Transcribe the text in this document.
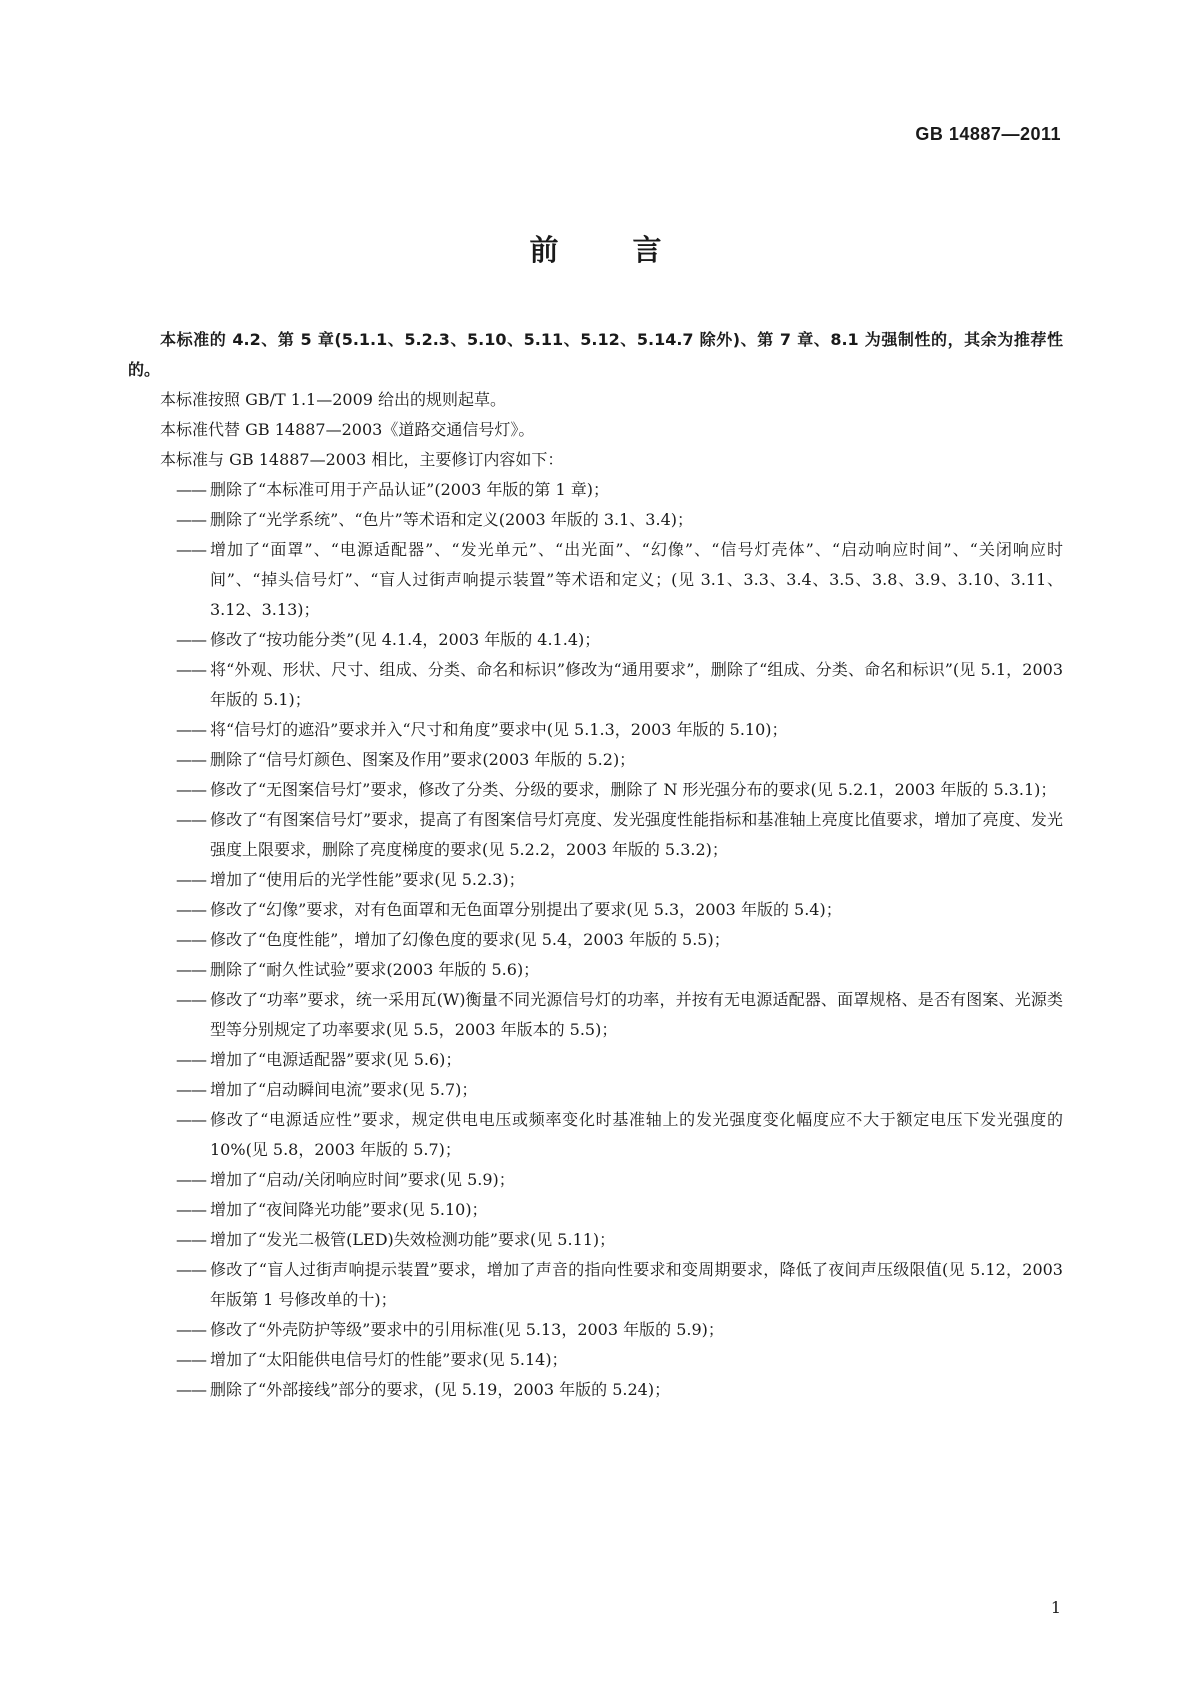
GB 14887—2011
前 言

本标准的 4.2、第 5 章(5.1.1、5.2.3、5.10、5.11、5.12、5.14.7 除外)、第 7 章、8.1 为强制性的，其余为推荐性的。

本标准按照 GB/T 1.1—2009 给出的规则起草。

本标准代替 GB 14887—2003《道路交通信号灯》。

本标准与 GB 14887—2003 相比，主要修订内容如下：

—— 删除了“本标准可用于产品认证”(2003 年版的第 1 章)；
—— 删除了“光学系统”、“色片”等术语和定义(2003 年版的 3.1、3.4)；
—— 增加了“面罩”、“电源适配器”、“发光单元”、“出光面”、“幻像”、“信号灯壳体”、“启动响应时间”、“关闭响应时间”、“掉头信号灯”、“盲人过街声响提示装置”等术语和定义；(见 3.1、3.3、3.4、3.5、3.8、3.9、3.10、3.11、3.12、3.13)；
—— 修改了“按功能分类”(见 4.1.4，2003 年版的 4.1.4)；
—— 将“外观、形状、尺寸、组成、分类、命名和标识”修改为“通用要求”，删除了“组成、分类、命名和标识”(见 5.1，2003 年版的 5.1)；
—— 将“信号灯的遮沿”要求并入“尺寸和角度”要求中(见 5.1.3，2003 年版的 5.10)；
—— 删除了“信号灯颜色、图案及作用”要求(2003 年版的 5.2)；
—— 修改了“无图案信号灯”要求，修改了分类、分级的要求，删除了 N 形光强分布的要求(见 5.2.1，2003 年版的 5.3.1)；
—— 修改了“有图案信号灯”要求，提高了有图案信号灯亮度、发光强度性能指标和基准轴上亮度比值要求，增加了亮度、发光强度上限要求，删除了亮度梯度的要求(见 5.2.2，2003 年版的 5.3.2)；
—— 增加了“使用后的光学性能”要求(见 5.2.3)；
—— 修改了“幻像”要求，对有色面罩和无色面罩分别提出了要求(见 5.3，2003 年版的 5.4)；
—— 修改了“色度性能”，增加了幻像色度的要求(见 5.4，2003 年版的 5.5)；
—— 删除了“耐久性试验”要求(2003 年版的 5.6)；
—— 修改了“功率”要求，统一采用瓦(W)衡量不同光源信号灯的功率，并按有无电源适配器、面罩规格、是否有图案、光源类型等分别规定了功率要求(见 5.5，2003 年版本的 5.5)；
—— 增加了“电源适配器”要求(见 5.6)；
—— 增加了“启动瞬间电流”要求(见 5.7)；
—— 修改了“电源适应性”要求，规定供电电压或频率变化时基准轴上的发光强度变化幅度应不大于额定电压下发光强度的 10%(见 5.8，2003 年版的 5.7)；
—— 增加了“启动/关闭响应时间”要求(见 5.9)；
—— 增加了“夜间降光功能”要求(见 5.10)；
—— 增加了“发光二极管(LED)失效检测功能”要求(见 5.11)；
—— 修改了“盲人过街声响提示装置”要求，增加了声音的指向性要求和变周期要求，降低了夜间声压级限值(见 5.12，2003 年版第 1 号修改单的十)；
—— 修改了“外壳防护等级”要求中的引用标准(见 5.13，2003 年版的 5.9)；
—— 增加了“太阳能供电信号灯的性能”要求(见 5.14)；
—— 删除了“外部接线”部分的要求，(见 5.19，2003 年版的 5.24)；
1
